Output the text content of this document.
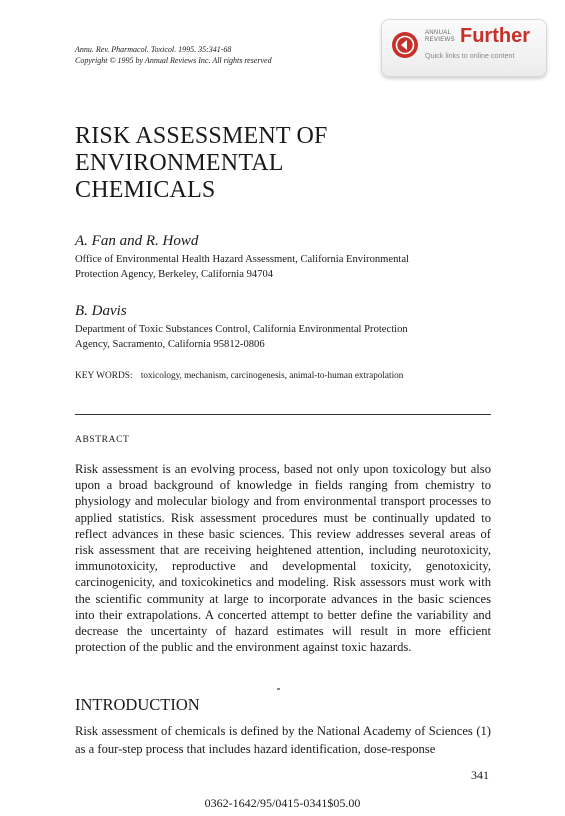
Annu. Rev. Pharmacol. Toxicol. 1995. 35:341-68
Copyright © 1995 by Annual Reviews Inc. All rights reserved
ANNUAL
REVIEWS Further
Quick links to online content
RISK ASSESSMENT OF
ENVIRONMENTAL
CHEMICALS
A. Fan and R. Howd
Office of Environmental Health Hazard Assessment, California Environmental
Protection Agency, Berkeley, California 94704
B. Davis
Department of Toxic Substances Control, California Environmental Protection
Agency, Sacramento, California 95812-0806
KEY WORDS: toxicology, mechanism, carcinogenesis, animal-to-human extrapolation
ABSTRACT
Risk assessment is an evolving process, based not only upon toxicology but also upon a broad background of knowledge in fields ranging from chemistry to physiology and molecular biology and from environmental transport processes to applied statistics. Risk assessment procedures must be continually updated to reflect advances in these basic sciences. This review addresses several areas of risk assessment that are receiving heightened attention, including neurotoxicity, immunotoxicity, reproductive and developmental toxicity, genotoxicity, carcinogenicity, and toxicokinetics and modeling. Risk assessors must work with the scientific community at large to incorporate advances in the basic sciences into their extrapolations. A concerted attempt to better define the variability and decrease the uncertainty of hazard estimates will result in more efficient protection of the public and the environment against toxic hazards.
INTRODUCTION
Risk assessment of chemicals is defined by the National Academy of Sciences (1) as a four-step process that includes hazard identification, dose-response
341
0362-1642/95/0415-0341$05.00
